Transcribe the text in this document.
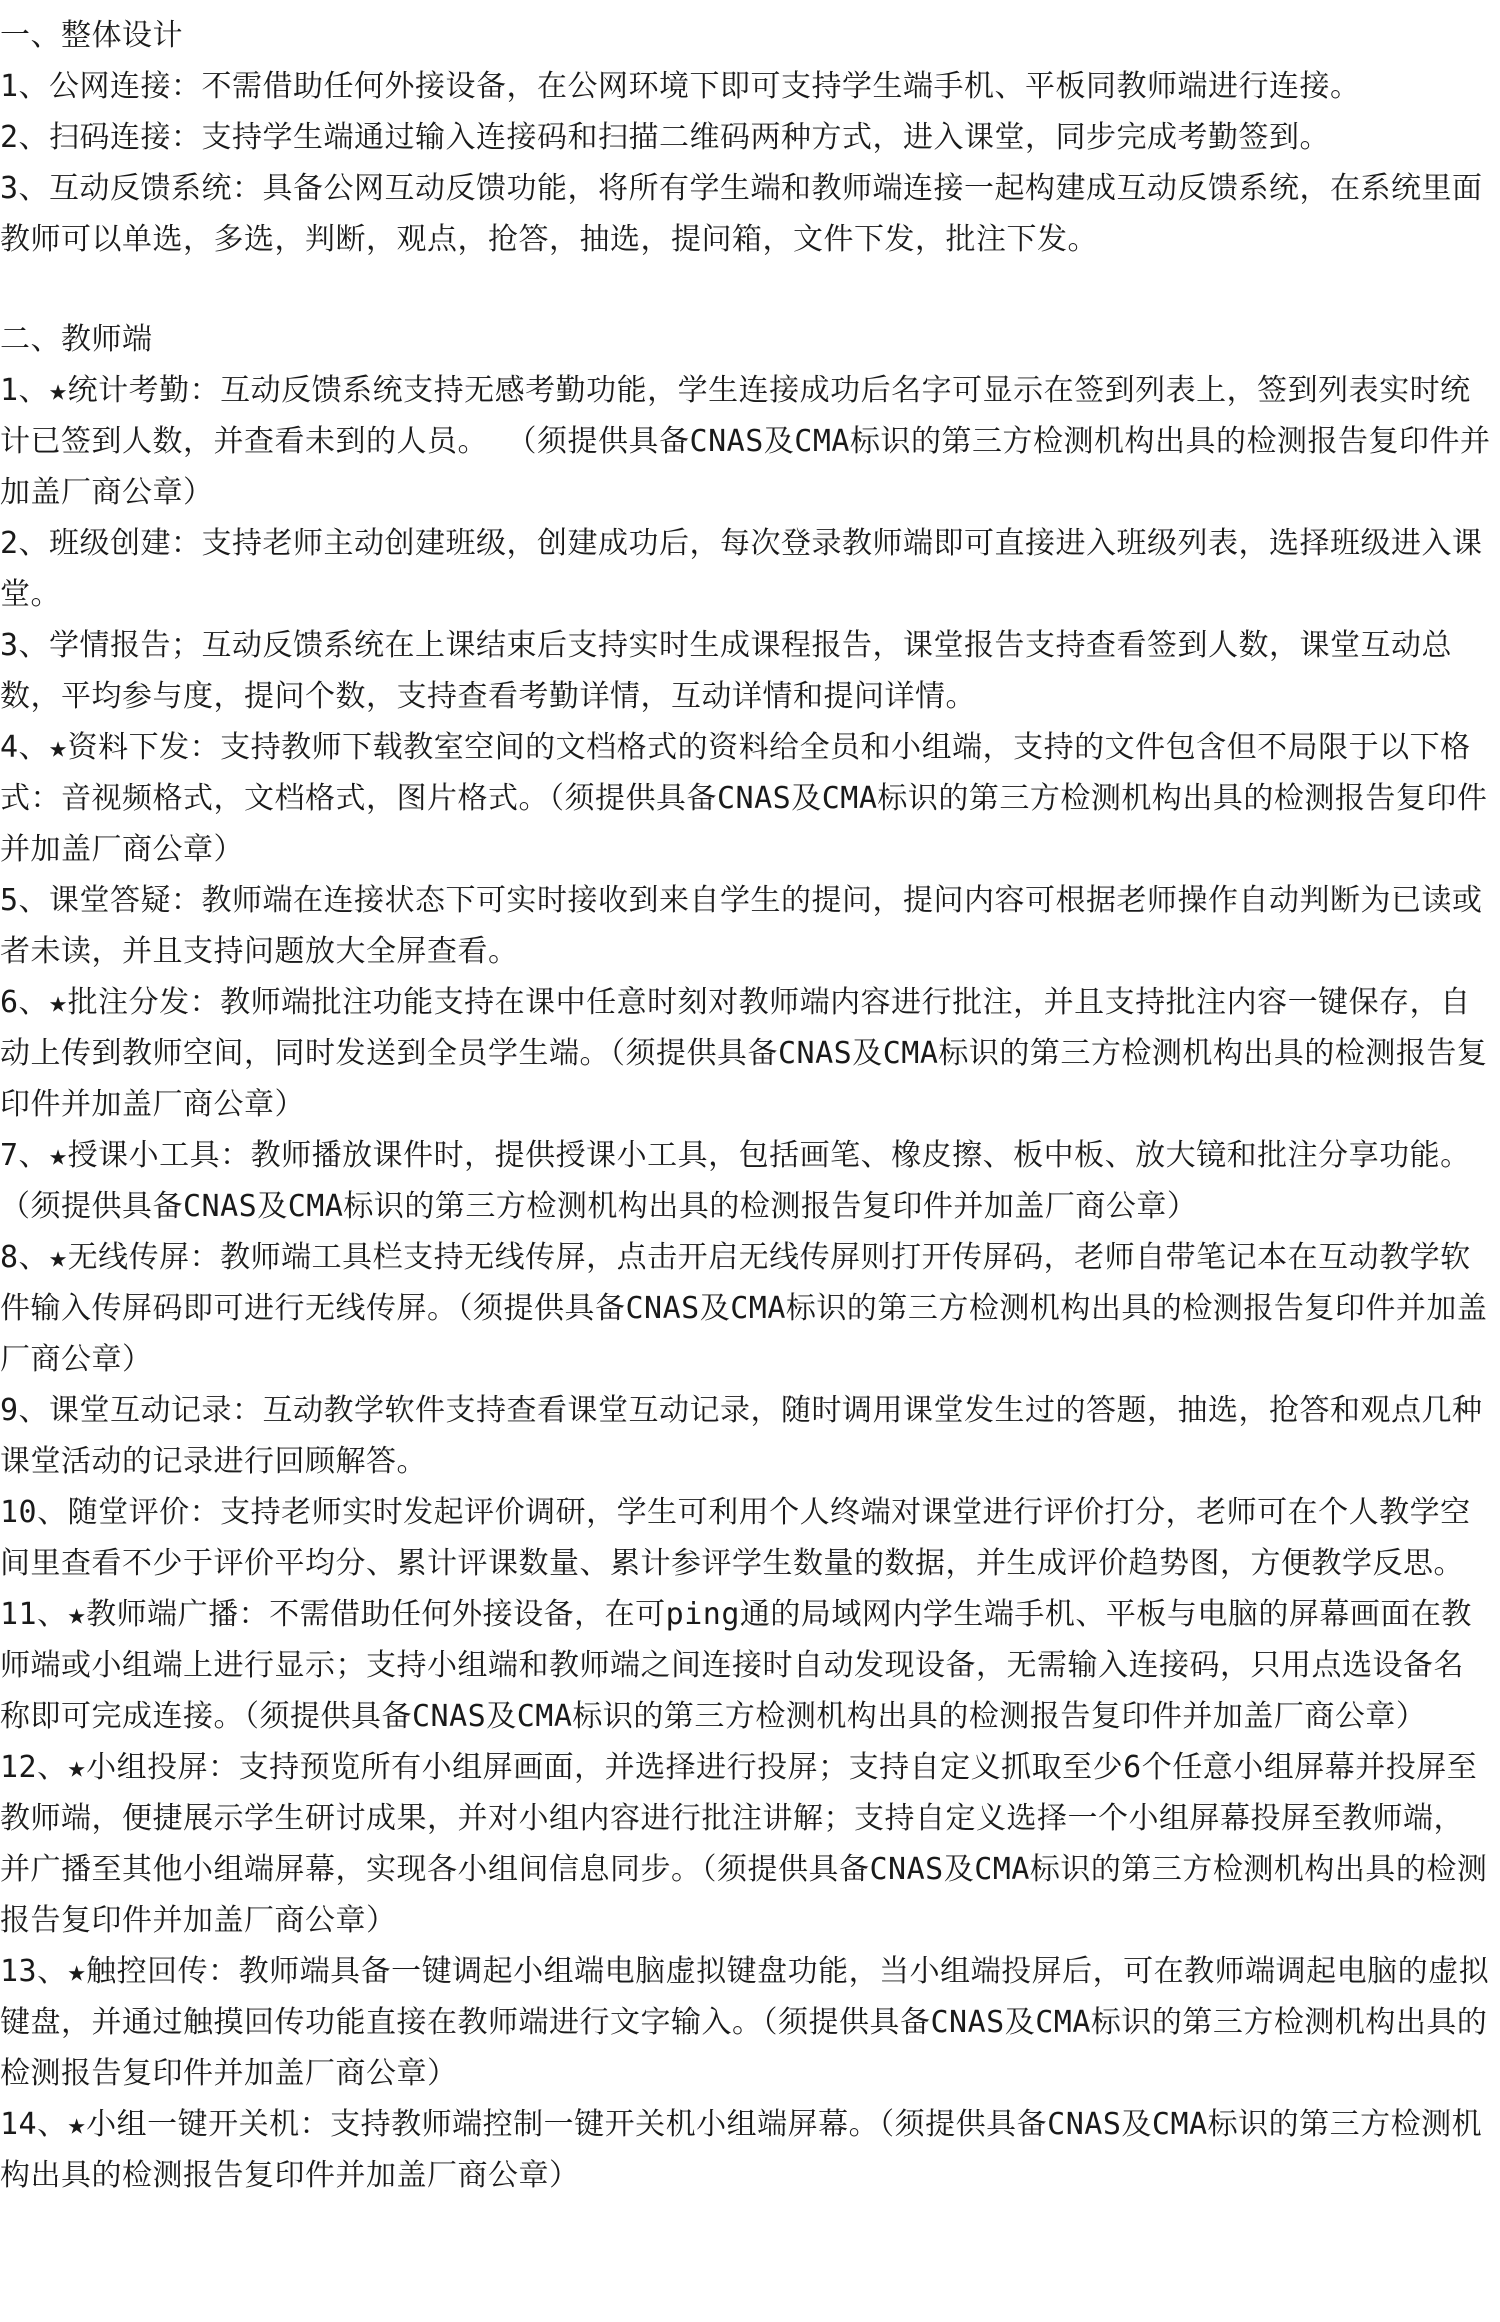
一、整体设计

1、公网连接：不需借助任何外接设备，在公网环境下即可支持学生端手机、平板同教师端进行连接。

2、扫码连接：支持学生端通过输入连接码和扫描二维码两种方式，进入课堂，同步完成考勤签到。

3、互动反馈系统：具备公网互动反馈功能，将所有学生端和教师端连接一起构建成互动反馈系统，在系统里面教师可以单选，多选，判断，观点，抢答，抽选，提问箱，文件下发，批注下发。

二、教师端

1、★统计考勤：互动反馈系统支持无感考勤功能，学生连接成功后名字可显示在签到列表上，签到列表实时统计已签到人数，并查看未到的人员。 （须提供具备CNAS及CMA标识的第三方检测机构出具的检测报告复印件并加盖厂商公章）

2、班级创建：支持老师主动创建班级，创建成功后，每次登录教师端即可直接进入班级列表，选择班级进入课堂。

3、学情报告；互动反馈系统在上课结束后支持实时生成课程报告，课堂报告支持查看签到人数，课堂互动总数，平均参与度，提问个数，支持查看考勤详情，互动详情和提问详情。

4、★资料下发：支持教师下载教室空间的文档格式的资料给全员和小组端，支持的文件包含但不局限于以下格式：音视频格式，文档格式，图片格式。（须提供具备CNAS及CMA标识的第三方检测机构出具的检测报告复印件并加盖厂商公章）

5、课堂答疑：教师端在连接状态下可实时接收到来自学生的提问，提问内容可根据老师操作自动判断为已读或者未读，并且支持问题放大全屏查看。

6、★批注分发：教师端批注功能支持在课中任意时刻对教师端内容进行批注，并且支持批注内容一键保存，自动上传到教师空间，同时发送到全员学生端。（须提供具备CNAS及CMA标识的第三方检测机构出具的检测报告复印件并加盖厂商公章）

7、★授课小工具：教师播放课件时，提供授课小工具，包括画笔、橡皮擦、板中板、放大镜和批注分享功能。 （须提供具备CNAS及CMA标识的第三方检测机构出具的检测报告复印件并加盖厂商公章）

8、★无线传屏：教师端工具栏支持无线传屏，点击开启无线传屏则打开传屏码，老师自带笔记本在互动教学软件输入传屏码即可进行无线传屏。（须提供具备CNAS及CMA标识的第三方检测机构出具的检测报告复印件并加盖厂商公章）

9、课堂互动记录：互动教学软件支持查看课堂互动记录，随时调用课堂发生过的答题，抽选，抢答和观点几种课堂活动的记录进行回顾解答。

10、随堂评价：支持老师实时发起评价调研，学生可利用个人终端对课堂进行评价打分，老师可在个人教学空间里查看不少于评价平均分、累计评课数量、累计参评学生数量的数据，并生成评价趋势图，方便教学反思。

11、★教师端广播：不需借助任何外接设备，在可ping通的局域网内学生端手机、平板与电脑的屏幕画面在教师端或小组端上进行显示；支持小组端和教师端之间连接时自动发现设备，无需输入连接码，只用点选设备名称即可完成连接。（须提供具备CNAS及CMA标识的第三方检测机构出具的检测报告复印件并加盖厂商公章）

12、★小组投屏：支持预览所有小组屏画面，并选择进行投屏；支持自定义抓取至少6个任意小组屏幕并投屏至教师端，便捷展示学生研讨成果，并对小组内容进行批注讲解；支持自定义选择一个小组屏幕投屏至教师端，并广播至其他小组端屏幕，实现各小组间信息同步。（须提供具备CNAS及CMA标识的第三方检测机构出具的检测报告复印件并加盖厂商公章）

13、★触控回传：教师端具备一键调起小组端电脑虚拟键盘功能，当小组端投屏后，可在教师端调起电脑的虚拟键盘，并通过触摸回传功能直接在教师端进行文字输入。（须提供具备CNAS及CMA标识的第三方检测机构出具的检测报告复印件并加盖厂商公章）

14、★小组一键开关机：支持教师端控制一键开关机小组端屏幕。（须提供具备CNAS及CMA标识的第三方检测机构出具的检测报告复印件并加盖厂商公章）
